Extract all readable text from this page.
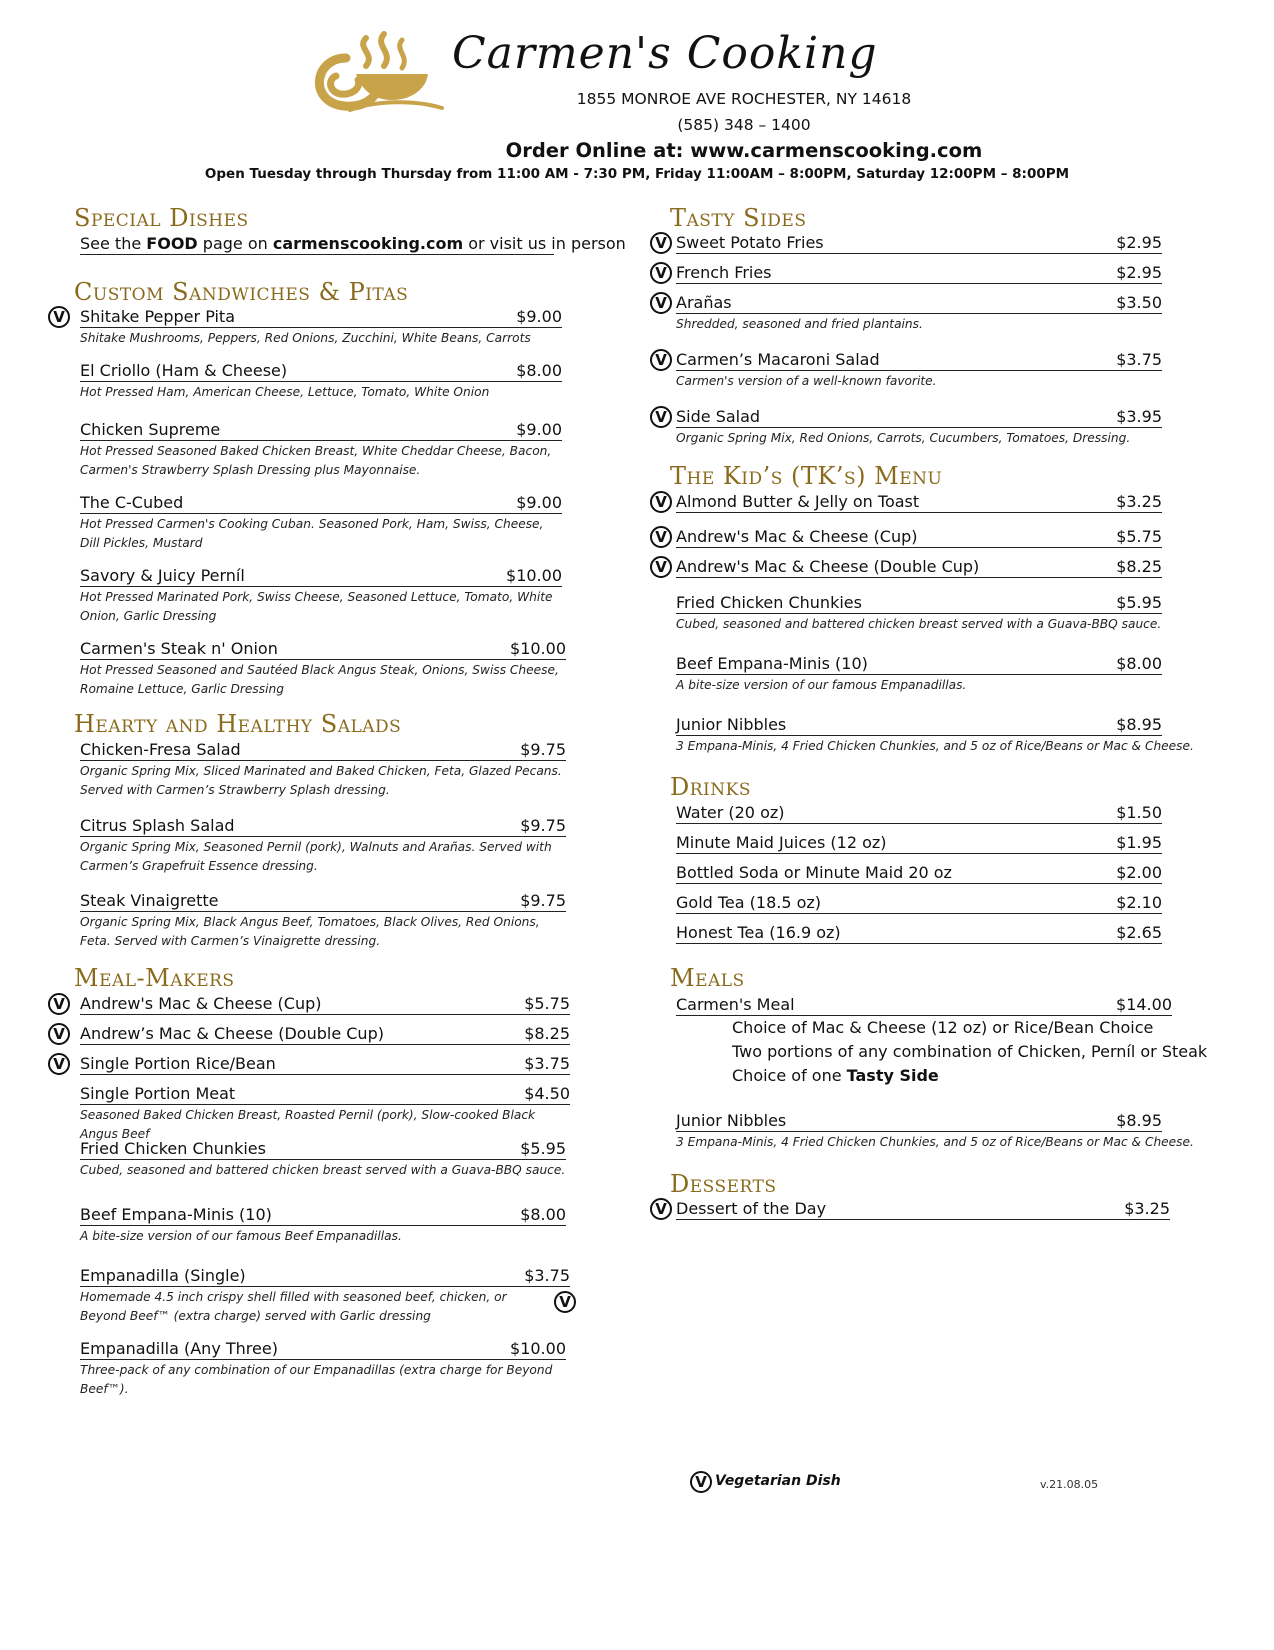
Carmen's Cooking
1855 MONROE AVE ROCHESTER, NY 14618
(585) 348 – 1400
Order Online at: www.carmenscooking.com
Open Tuesday through Thursday from 11:00 AM - 7:30 PM, Friday 11:00AM – 8:00PM, Saturday 12:00PM – 8:00PM
Special Dishes
See the FOOD page on carmenscooking.com or visit us in person
Custom Sandwiches & Pitas
V Shitake Pepper Pita	$9.00
Shitake Mushrooms, Peppers, Red Onions, Zucchini, White Beans, Carrots
El Criollo (Ham & Cheese)	$8.00
Hot Pressed Ham, American Cheese, Lettuce, Tomato, White Onion
Chicken Supreme	$9.00
Hot Pressed Seasoned Baked Chicken Breast, White Cheddar Cheese, Bacon, Carmen's Strawberry Splash Dressing plus Mayonnaise.
The C-Cubed	$9.00
Hot Pressed Carmen's Cooking Cuban. Seasoned Pork, Ham, Swiss, Cheese, Dill Pickles, Mustard
Savory & Juicy Perníl	$10.00
Hot Pressed Marinated Pork, Swiss Cheese, Seasoned Lettuce, Tomato, White Onion, Garlic Dressing
Carmen's Steak n' Onion	$10.00
Hot Pressed Seasoned and Sautéed Black Angus Steak, Onions, Swiss Cheese, Romaine Lettuce, Garlic Dressing
Hearty and Healthy Salads
Chicken-Fresa Salad	$9.75
Organic Spring Mix, Sliced Marinated and Baked Chicken, Feta, Glazed Pecans. Served with Carmen’s Strawberry Splash dressing.
Citrus Splash Salad	$9.75
Organic Spring Mix, Seasoned Pernil (pork), Walnuts and Arañas. Served with Carmen’s Grapefruit Essence dressing.
Steak Vinaigrette	$9.75
Organic Spring Mix, Black Angus Beef, Tomatoes, Black Olives, Red Onions, Feta. Served with Carmen’s Vinaigrette dressing.
Meal-Makers
V Andrew's Mac & Cheese (Cup)	$5.75
V Andrew’s Mac & Cheese (Double Cup)	$8.25
V Single Portion Rice/Bean	$3.75
Single Portion Meat	$4.50
Seasoned Baked Chicken Breast, Roasted Pernil (pork), Slow-cooked Black Angus Beef
Fried Chicken Chunkies	$5.95
Cubed, seasoned and battered chicken breast served with a Guava-BBQ sauce.
Beef Empana-Minis (10)	$8.00
A bite-size version of our famous Beef Empanadillas.
Empanadilla (Single)	$3.75
Homemade 4.5 inch crispy shell filled with seasoned beef, chicken, or Beyond Beef™ (extra charge) served with Garlic dressing
V
Empanadilla (Any Three)	$10.00
Three-pack of any combination of our Empanadillas (extra charge for Beyond Beef™).
Tasty Sides
V Sweet Potato Fries	$2.95
V French Fries	$2.95
V Arañas	$3.50
Shredded, seasoned and fried plantains.
V Carmen’s Macaroni Salad	$3.75
Carmen's version of a well-known favorite.
V Side Salad	$3.95
Organic Spring Mix, Red Onions, Carrots, Cucumbers, Tomatoes, Dressing.
The Kid’s (TK’s) Menu
V Almond Butter & Jelly on Toast	$3.25
V Andrew's Mac & Cheese (Cup)	$5.75
V Andrew's Mac & Cheese (Double Cup)	$8.25
Fried Chicken Chunkies	$5.95
Cubed, seasoned and battered chicken breast served with a Guava-BBQ sauce.
Beef Empana-Minis (10)	$8.00
A bite-size version of our famous Empanadillas.
Junior Nibbles	$8.95
3 Empana-Minis, 4 Fried Chicken Chunkies, and 5 oz of Rice/Beans or Mac & Cheese.
Drinks
Water (20 oz)	$1.50
Minute Maid Juices (12 oz)	$1.95
Bottled Soda or Minute Maid 20 oz	$2.00
Gold Tea (18.5 oz)	$2.10
Honest Tea (16.9 oz)	$2.65
Meals
Carmen's Meal	$14.00
Choice of Mac & Cheese (12 oz) or Rice/Bean Choice
Two portions of any combination of Chicken, Perníl or Steak
Choice of one Tasty Side
Junior Nibbles	$8.95
3 Empana-Minis, 4 Fried Chicken Chunkies, and 5 oz of Rice/Beans or Mac & Cheese.
Desserts
V Dessert of the Day	$3.25
V Vegetarian Dish	v.21.08.05
